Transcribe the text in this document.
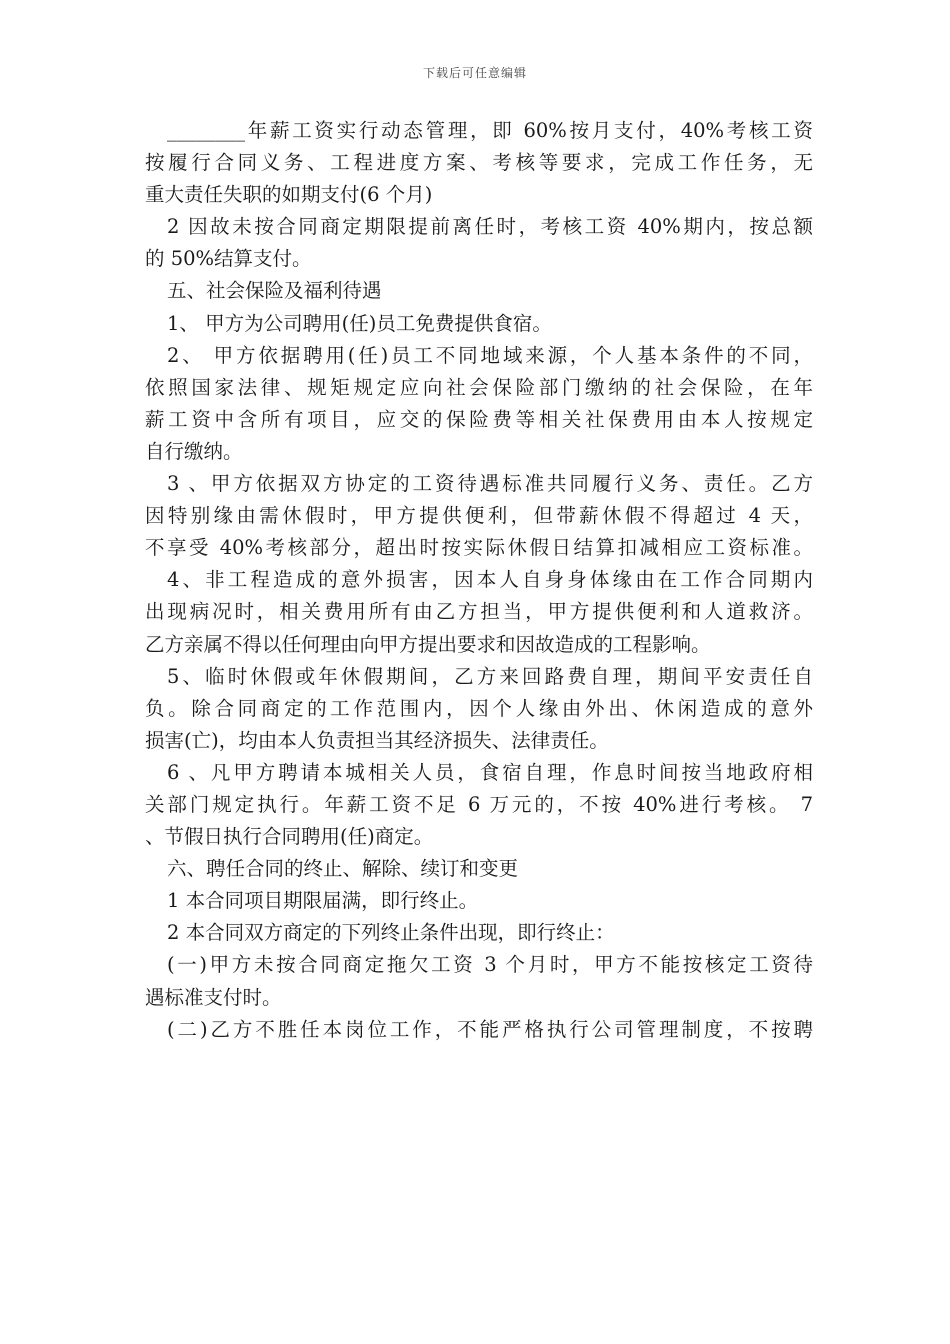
下载后可任意编辑
________年薪工资实行动态管理，即 60%按月支付，40%考核工资
按履行合同义务、工程进度方案、考核等要求，完成工作任务，无
重大责任失职的如期支付(6 个月)
2 因故未按合同商定期限提前离任时，考核工资 40%期内，按总额
的 50%结算支付。
五、社会保险及福利待遇
1、 甲方为公司聘用(任)员工免费提供食宿。
2、 甲方依据聘用(任)员工不同地域来源，个人基本条件的不同，
依照国家法律、规矩规定应向社会保险部门缴纳的社会保险，在年
薪工资中含所有项目，应交的保险费等相关社保费用由本人按规定
自行缴纳。
3 、甲方依据双方协定的工资待遇标准共同履行义务、责任。乙方
因特别缘由需休假时，甲方提供便利，但带薪休假不得超过 4 天，
不享受 40%考核部分，超出时按实际休假日结算扣减相应工资标准。
4、非工程造成的意外损害，因本人自身身体缘由在工作合同期内
出现病况时，相关费用所有由乙方担当，甲方提供便利和人道救济。
乙方亲属不得以任何理由向甲方提出要求和因故造成的工程影响。
5、临时休假或年休假期间，乙方来回路费自理，期间平安责任自
负。除合同商定的工作范围内，因个人缘由外出、休闲造成的意外
损害(亡)，均由本人负责担当其经济损失、法律责任。
6 、凡甲方聘请本城相关人员，食宿自理，作息时间按当地政府相
关部门规定执行。年薪工资不足 6 万元的，不按 40%进行考核。 7
、节假日执行合同聘用(任)商定。
六、聘任合同的终止、解除、续订和变更
1 本合同项目期限届满，即行终止。
2 本合同双方商定的下列终止条件出现，即行终止：
(一)甲方未按合同商定拖欠工资 3 个月时，甲方不能按核定工资待
遇标准支付时。
(二)乙方不胜任本岗位工作，不能严格执行公司管理制度，不按聘
